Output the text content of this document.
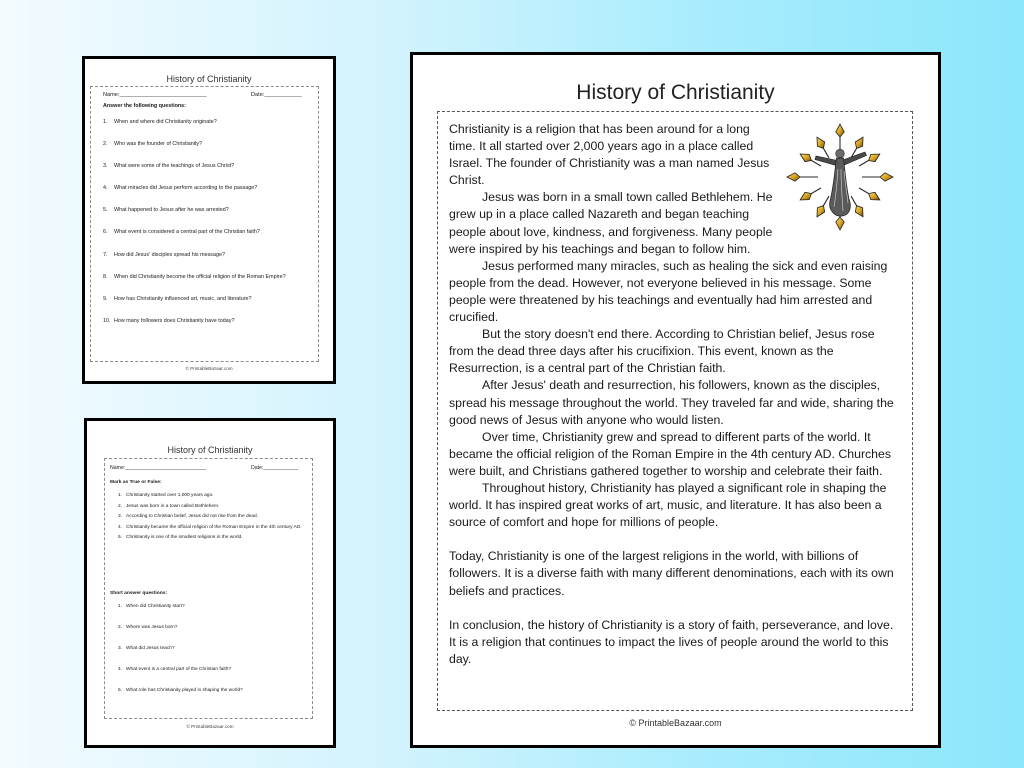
History of Christianity
Name:____________________________	Date:____________
Answer the following questions:
1.	When and where did Christianity originate?
2.	Who was the founder of Christianity?
3.	What were some of the teachings of Jesus Christ?
4.	What miracles did Jesus perform according to the passage?
5.	What happened to Jesus after he was arrested?
6.	What event is considered a central part of the Christian faith?
7.	How did Jesus' disciples spread his message?
8.	When did Christianity become the official religion of the Roman Empire?
9.	How has Christianity influenced art, music, and literature?
10. How many followers does Christianity have today?
© PrintableBazaar.com
History of Christianity
Name:____________________________	Date:____________
Mark as True or False:
1. Christianity started over 1,000 years ago.
2. Jesus was born in a town called Bethlehem.
3. According to Christian belief, Jesus did not rise from the dead.
4. Christianity became the official religion of the Roman Empire in the 4th century AD.
5. Christianity is one of the smallest religions in the world.
Short answer questions:
1. When did Christianity start?
2. Where was Jesus born?
3. What did Jesus teach?
4. What event is a central part of the Christian faith?
5. What role has Christianity played in shaping the world?
© PrintableBazaar.com
History of Christianity

Christianity is a religion that has been around for a long time. It all started over 2,000 years ago in a place called Israel. The founder of Christianity was a man named Jesus Christ.

Jesus was born in a small town called Bethlehem. He grew up in a place called Nazareth and began teaching people about love, kindness, and forgiveness. Many people were inspired by his teachings and began to follow him.

Jesus performed many miracles, such as healing the sick and even raising people from the dead. However, not everyone believed in his message. Some people were threatened by his teachings and eventually had him arrested and crucified.

But the story doesn't end there. According to Christian belief, Jesus rose from the dead three days after his crucifixion. This event, known as the Resurrection, is a central part of the Christian faith.

After Jesus' death and resurrection, his followers, known as the disciples, spread his message throughout the world. They traveled far and wide, sharing the good news of Jesus with anyone who would listen.

Over time, Christianity grew and spread to different parts of the world. It became the official religion of the Roman Empire in the 4th century AD. Churches were built, and Christians gathered together to worship and celebrate their faith.

Throughout history, Christianity has played a significant role in shaping the world. It has inspired great works of art, music, and literature. It has also been a source of comfort and hope for millions of people.

Today, Christianity is one of the largest religions in the world, with billions of followers. It is a diverse faith with many different denominations, each with its own beliefs and practices.

In conclusion, the history of Christianity is a story of faith, perseverance, and love. It is a religion that continues to impact the lives of people around the world to this day.

© PrintableBazaar.com
